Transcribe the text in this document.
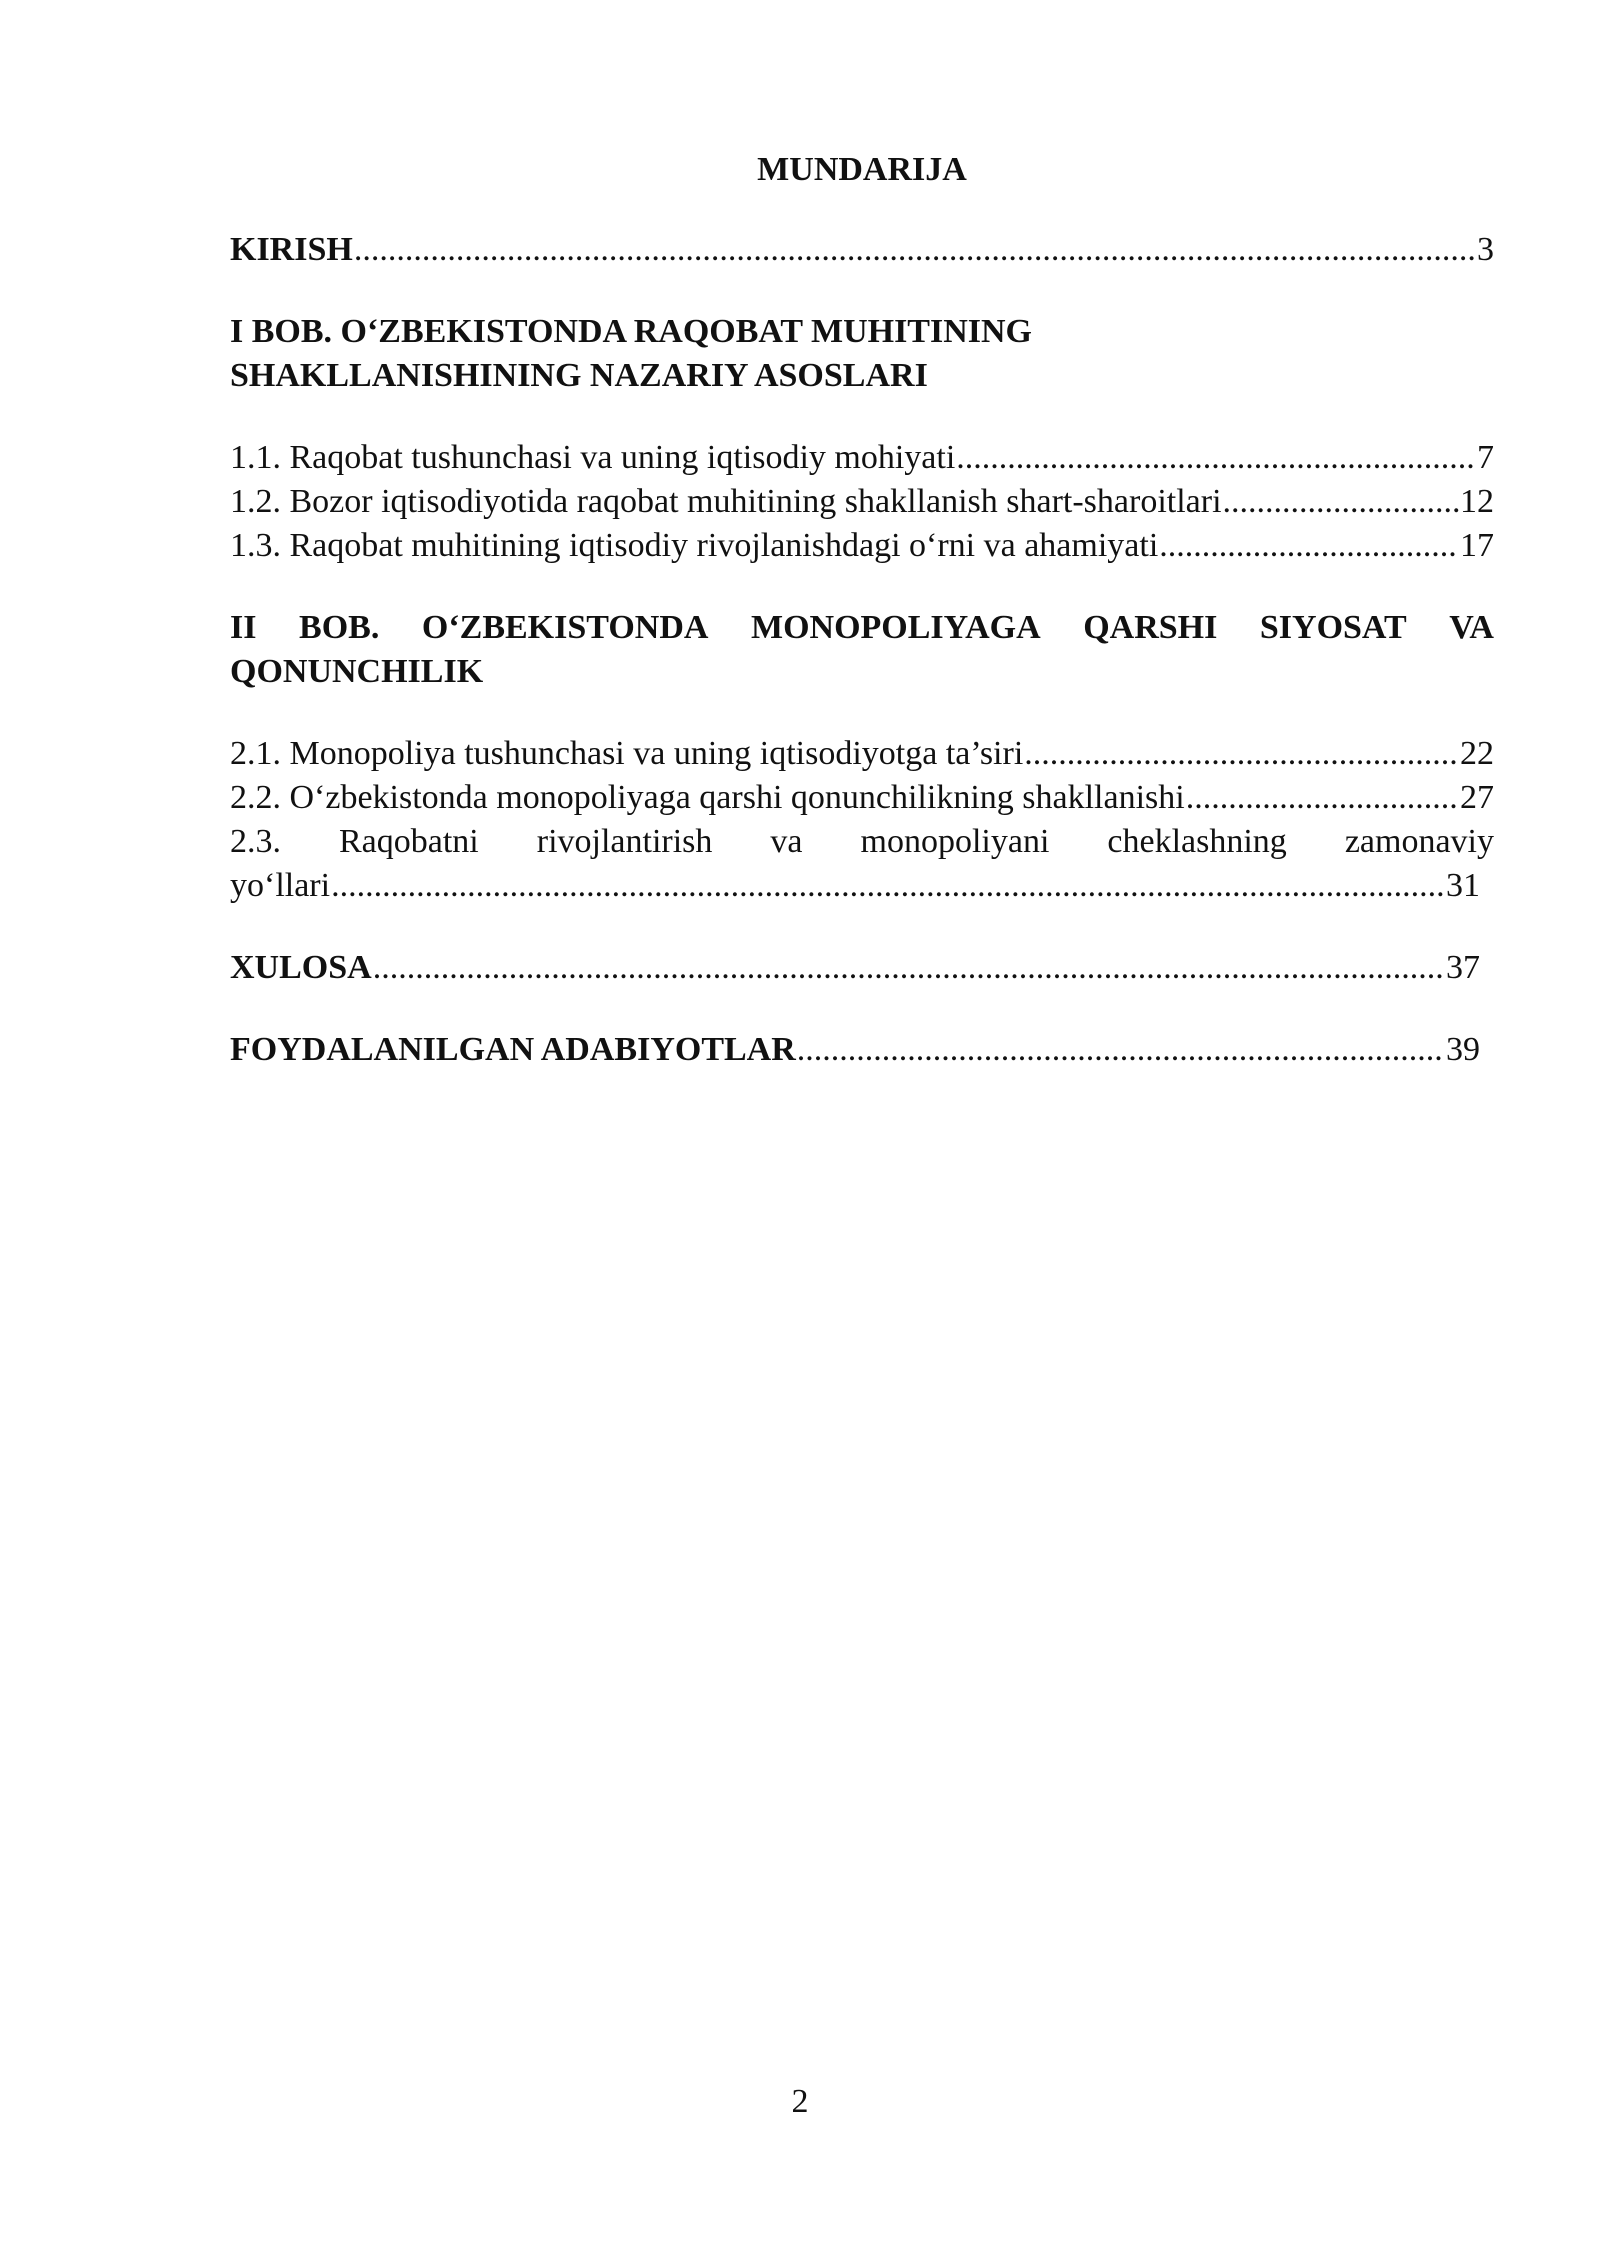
MUNDARIJA
KIRISH .....	3
I BOB. O‘ZBEKISTONDA RAQOBAT MUHITINING
SHAKLLANISHINING NAZARIY ASOSLARI
1.1. Raqobat tushunchasi va uning iqtisodiy mohiyati .....	7
1.2. Bozor iqtisodiyotida raqobat muhitining shakllanish shart-sharoitlari .....	12
1.3. Raqobat muhitining iqtisodiy rivojlanishdagi o‘rni va ahamiyati .....	17
II BOB. O‘ZBEKISTONDA MONOPOLIYAGA QARSHI SIYOSAT VA
QONUNCHILIK
2.1. Monopoliya tushunchasi va uning iqtisodiyotga ta’siri .....	22
2.2. O‘zbekistonda monopoliyaga qarshi qonunchilikning shakllanishi .....	27
2.3. Raqobatni rivojlantirish va monopoliyani cheklashning zamonaviy
yo‘llari .....	31
XULOSA .....	37
FOYDALANILGAN ADABIYOTLAR .....	39
2
